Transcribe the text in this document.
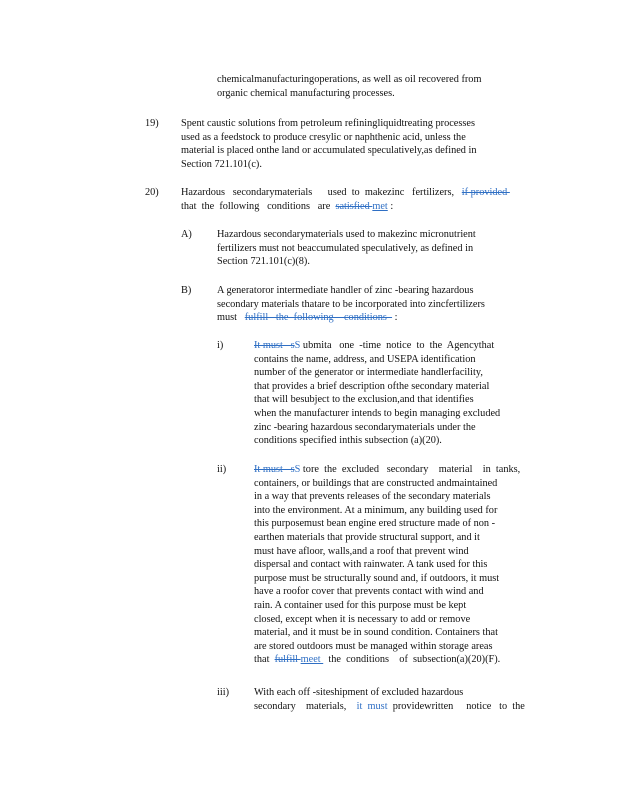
chemicalmanufacturingoperations, as well as oil recovered from
organic chemical manufacturing processes.
19) Spent caustic solutions from petroleum refiningliquidtreating processes
used as a feedstock to produce cresylic or naphthenic acid, unless the
material is placed onthe land or accumulated speculatively,as defined in
Section 721.101(c).
20) Hazardous   secondarymaterials      used  to  makezinc   fertilizers,   if provided
that  the  following   conditions   are  satisfied met :
A) Hazardous secondarymaterials used to makezinc micronutrient
fertilizers must not beaccumulated speculatively, as defined in
Section 721.101(c)(8).
B) A generatoror intermediate handler of zinc -bearing hazardous
secondary materials thatare to be incorporated into zincfertilizers
must   fulfill   the  following    conditions   :
i)	It must   sS ubmita   one  -time  notice  to  the  Agencythat
contains the name, address, and USEPA identification
number of the generator or intermediate handlerfacility,
that provides a brief description ofthe secondary material
that will besubject to the exclusion,and that identifies
when the manufacturer intends to begin managing excluded
zinc -bearing hazardous secondarymaterials under the
conditions specified inthis subsection (a)(20).
ii)	It must   sS tore  the  excluded   secondary    material    in  tanks,
containers, or buildings that are constructed andmaintained
in a way that prevents releases of the secondary materials
into the environment. At a minimum, any building used for
this purposemust bean engine ered structure made of non -
earthen materials that provide structural support, and it
must have afloor, walls,and a roof that prevent wind
dispersal and contact with rainwater. A tank used for this
purpose must be structurally sound and, if outdoors, it must
have a roofor cover that prevents contact with wind and
rain. A container used for this purpose must be kept
closed, except when it is necessary to add or remove
material, and it must be in sound condition. Containers that
are stored outdoors must be managed within storage areas
that  fulfill meet   the  conditions    of  subsection(a)(20)(F).
iii) With each off -siteshipment of excluded hazardous
secondary    materials,    it  must  providewritten     notice   to  the
